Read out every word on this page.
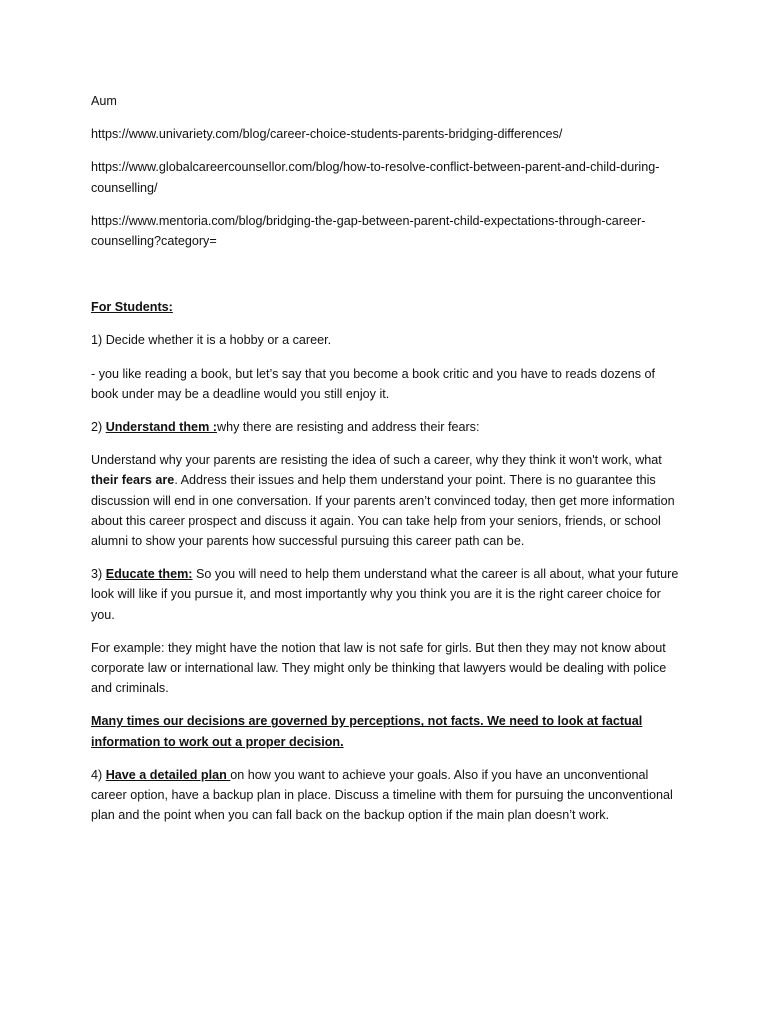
Aum

https://www.univariety.com/blog/career-choice-students-parents-bridging-differences/

https://www.globalcareercounsellor.com/blog/how-to-resolve-conflict-between-parent-and-child-during-counselling/

https://www.mentoria.com/blog/bridging-the-gap-between-parent-child-expectations-through-career-counselling?category=

For Students:

1) Decide whether it is a hobby or a career.

- you like reading a book, but let’s say that you become a book critic and you have to reads dozens of book under may be a deadline would you still enjoy it.

2) Understand them :why there are resisting and address their fears:

Understand why your parents are resisting the idea of such a career, why they think it won't work, what their fears are. Address their issues and help them understand your point. There is no guarantee this discussion will end in one conversation. If your parents aren’t convinced today, then get more information about this career prospect and discuss it again. You can take help from your seniors, friends, or school alumni to show your parents how successful pursuing this career path can be.

3) Educate them: So you will need to help them understand what the career is all about, what your future look will like if you pursue it, and most importantly why you think you are it is the right career choice for you.

For example: they might have the notion that law is not safe for girls. But then they may not know about corporate law or international law. They might only be thinking that lawyers would be dealing with police and criminals.

Many times our decisions are governed by perceptions, not facts. We need to look at factual information to work out a proper decision.

4) Have a detailed plan on how you want to achieve your goals. Also if you have an unconventional career option, have a backup plan in place. Discuss a timeline with them for pursuing the unconventional plan and the point when you can fall back on the backup option if the main plan doesn’t work.
